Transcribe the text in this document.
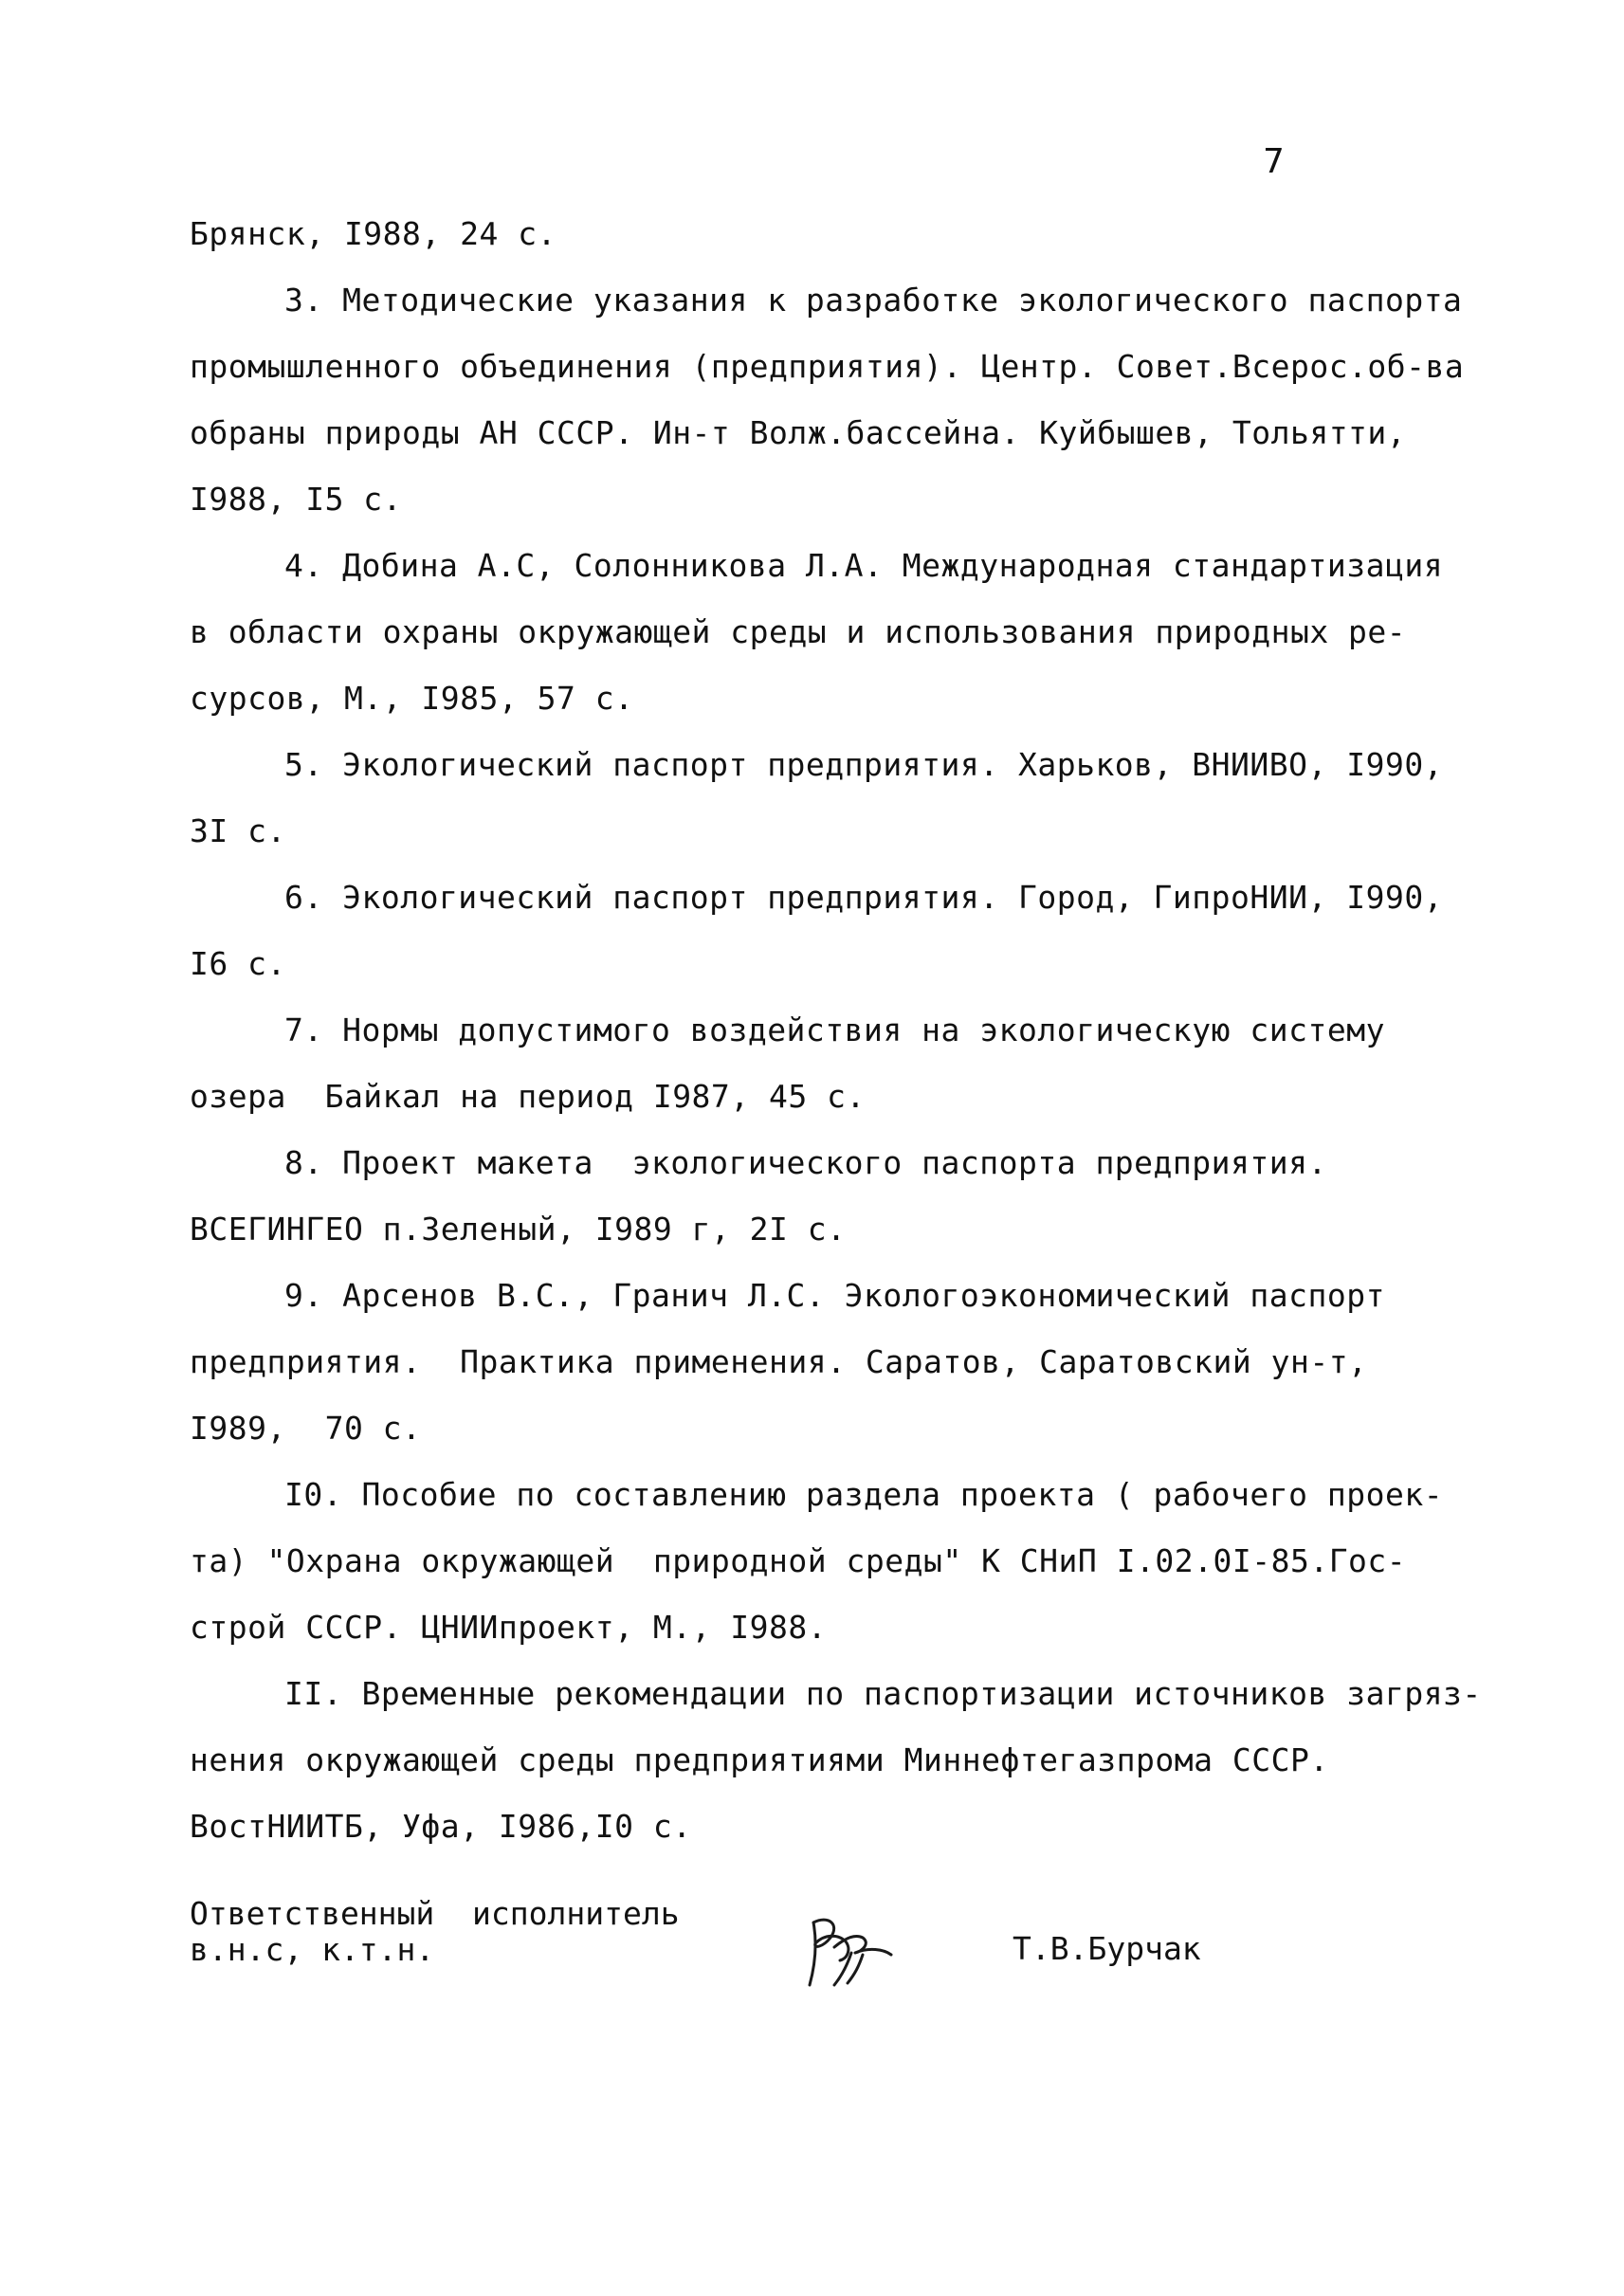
7
Брянск, I988, 24 с.
3. Методические указания к разработке экологического паспорта
промышленного объединения (предприятия). Центр. Совет.Всерос.об-ва
обраны природы АН СССР. Ин-т Волж.бассейна. Куйбышев, Тольятти,
I988, I5 с.
4. Добина А.С, Солонникова Л.А. Международная стандартизация
в области охраны окружающей среды и использования природных ре-
сурсов, М., I985, 57 с.
5. Экологический паспорт предприятия. Харьков, ВНИИВО, I990,
3I с.
6. Экологический паспорт предприятия. Город, ГипроНИИ, I990,
I6 с.
7. Нормы допустимого воздействия на экологическую систему
озера  Байкал на период I987, 45 с.
8. Проект макета  экологического паспорта предприятия.
ВСЕГИНГЕО п.Зеленый, I989 г, 2I с.
9. Арсенов В.С., Гранич Л.С. Экологоэкономический паспорт
предприятия.  Практика применения. Саратов, Саратовский ун-т,
I989,  70 с.
I0. Пособие по составлению раздела проекта ( рабочего проек-
та) "Охрана окружающей  природной среды" К СНиП I.02.0I-85.Гос-
строй СССР. ЦНИИпроект, М., I988.
II. Временные рекомендации по паспортизации источников загряз-
нения окружающей среды предприятиями Миннефтегазпрома СССР.
ВостНИИТБ, Уфа, I986,I0 с.
Ответственный  исполнитель
в.н.с, к.т.н.	Т.В.Бурчак
